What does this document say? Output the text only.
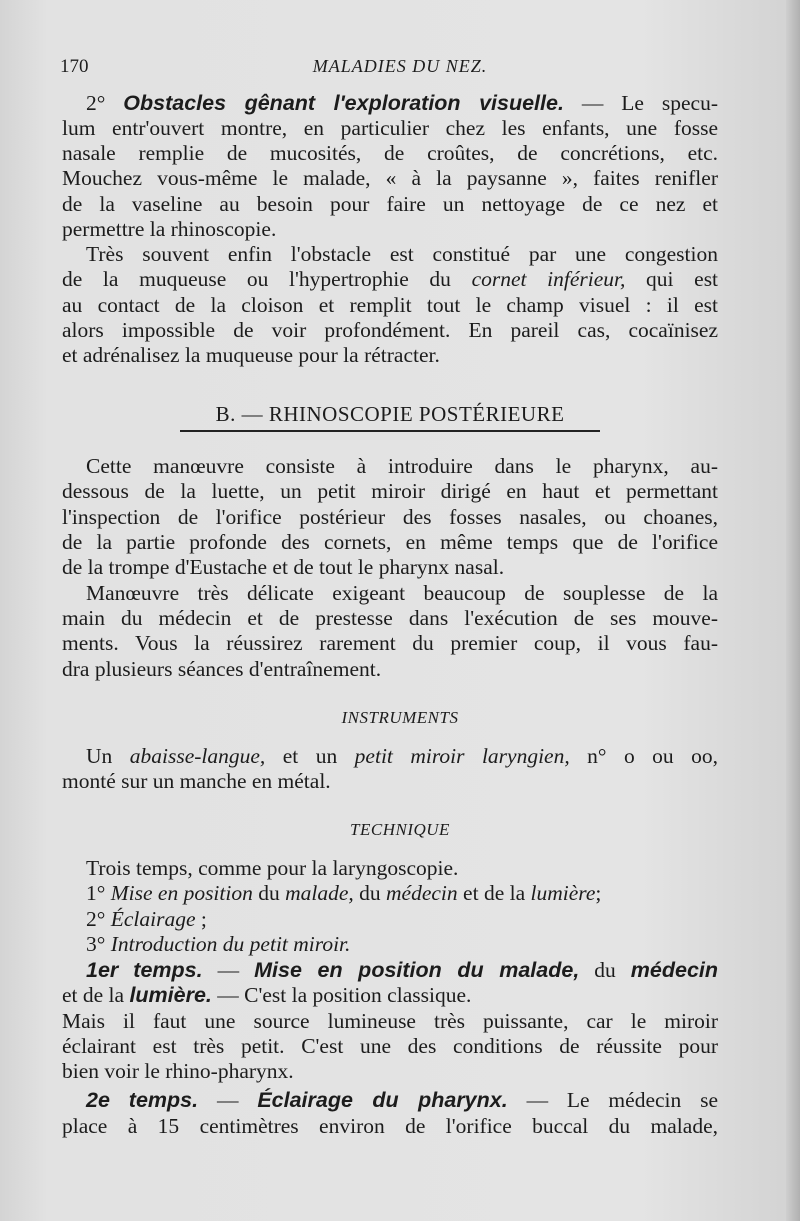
170	MALADIES DU NEZ.
2° Obstacles gênant l'exploration visuelle. — Le specu-
lum entr'ouvert montre, en particulier chez les enfants, une fosse
nasale remplie de mucosités, de croûtes, de concrétions, etc.
Mouchez vous-même le malade, « à la paysanne », faites renifler
de la vaseline au besoin pour faire un nettoyage de ce nez et
permettre la rhinoscopie.
Très souvent enfin l'obstacle est constitué par une congestion
de la muqueuse ou l'hypertrophie du cornet inférieur, qui est
au contact de la cloison et remplit tout le champ visuel : il est
alors impossible de voir profondément. En pareil cas, cocaïnisez
et adrénalisez la muqueuse pour la rétracter.
B. — RHINOSCOPIE POSTÉRIEURE
Cette manœuvre consiste à introduire dans le pharynx, au-
dessous de la luette, un petit miroir dirigé en haut et permettant
l'inspection de l'orifice postérieur des fosses nasales, ou choanes,
de la partie profonde des cornets, en même temps que de l'orifice
de la trompe d'Eustache et de tout le pharynx nasal.
Manœuvre très délicate exigeant beaucoup de souplesse de la
main du médecin et de prestesse dans l'exécution de ses mouve-
ments. Vous la réussirez rarement du premier coup, il vous fau-
dra plusieurs séances d'entraînement.
INSTRUMENTS
Un abaisse-langue, et un petit miroir laryngien, n° o ou oo,
monté sur un manche en métal.
TECHNIQUE
Trois temps, comme pour la laryngoscopie.
1° Mise en position du malade, du médecin et de la lumière;
2° Éclairage ;
3° Introduction du petit miroir.
1er temps. — Mise en position du malade, du médecin
et de la lumière. — C'est la position classique.
Mais il faut une source lumineuse très puissante, car le miroir
éclairant est très petit. C'est une des conditions de réussite pour
bien voir le rhino-pharynx.
2e temps. — Éclairage du pharynx. — Le médecin se
place à 15 centimètres environ de l'orifice buccal du malade,
